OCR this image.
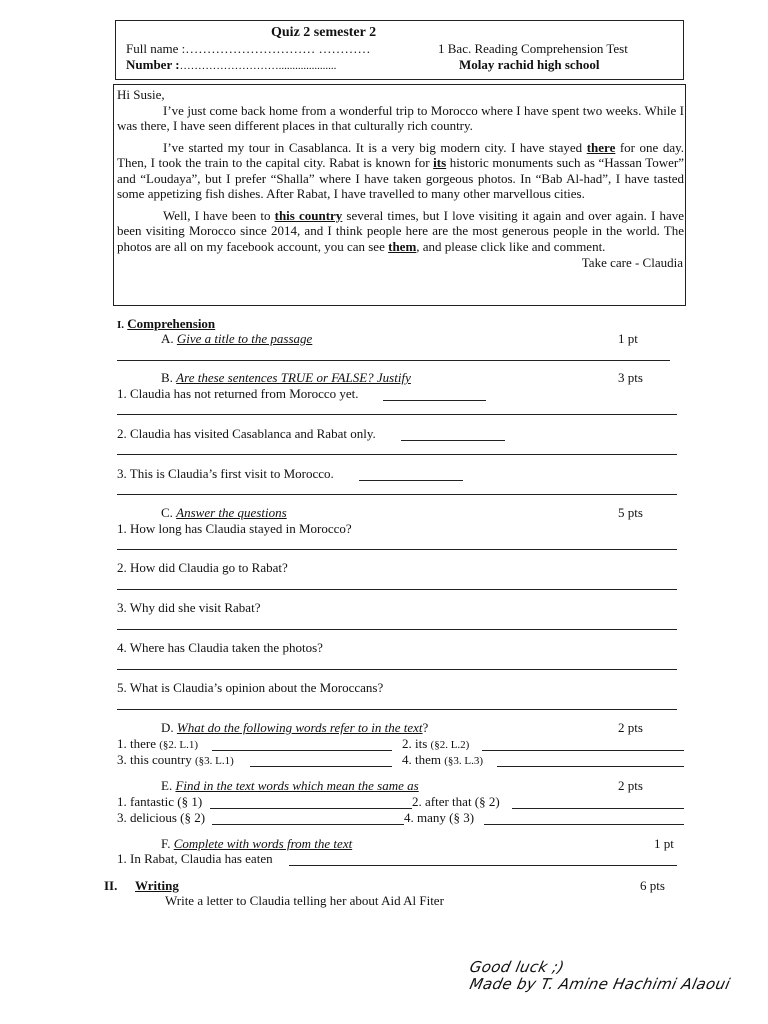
Quiz 2 semester 2
Full name :………………………… …………
Number :……………………….....................
1 Bac. Reading Comprehension Test
Molay rachid high school

Hi Susie,

I’ve just come back home from a wonderful trip to Morocco where I have spent two weeks. While I was there, I have seen different places in that culturally rich country.

I’ve started my tour in Casablanca. It is a very big modern city. I have stayed there for one day. Then, I took the train to the capital city. Rabat is known for its historic monuments such as “Hassan Tower” and “Loudaya”, but I prefer “Shalla” where I have taken gorgeous photos. In “Bab Al-had”, I have tasted some appetizing fish dishes. After Rabat, I have travelled to many other marvellous cities.

Well, I have been to this country several times, but I love visiting it again and over again. I have been visiting Morocco since 2014, and I think people here are the most generous people in the world. The photos are all on my facebook account, you can see them, and please click like and comment.

Take care - Claudia

I. Comprehension
A. Give a title to the passage	1 pt
B. Are these sentences TRUE or FALSE? Justify	3 pts
1. Claudia has not returned from Morocco yet.
2. Claudia has visited Casablanca and Rabat only.
3. This is Claudia’s first visit to Morocco.
C. Answer the questions	5 pts
1. How long has Claudia stayed in Morocco?
2. How did Claudia go to Rabat?
3. Why did she visit Rabat?
4. Where has Claudia taken the photos?
5. What is Claudia’s opinion about the Moroccans?
D. What do the following words refer to in the text?	2 pts
1. there (§2. L.1)	2. its (§2. L.2)
3. this country (§3. L.1)	4. them (§3. L.3)
E. Find in the text words which mean the same as	2 pts
1. fantastic (§ 1)	2. after that (§ 2)
3. delicious (§ 2)	4. many (§ 3)
F. Complete with words from the text	1 pt
1. In Rabat, Claudia has eaten
II. Writing	6 pts
Write a letter to Claudia telling her about Aid Al Fiter
Good luck ;)
Made by T. Amine Hachimi Alaoui
